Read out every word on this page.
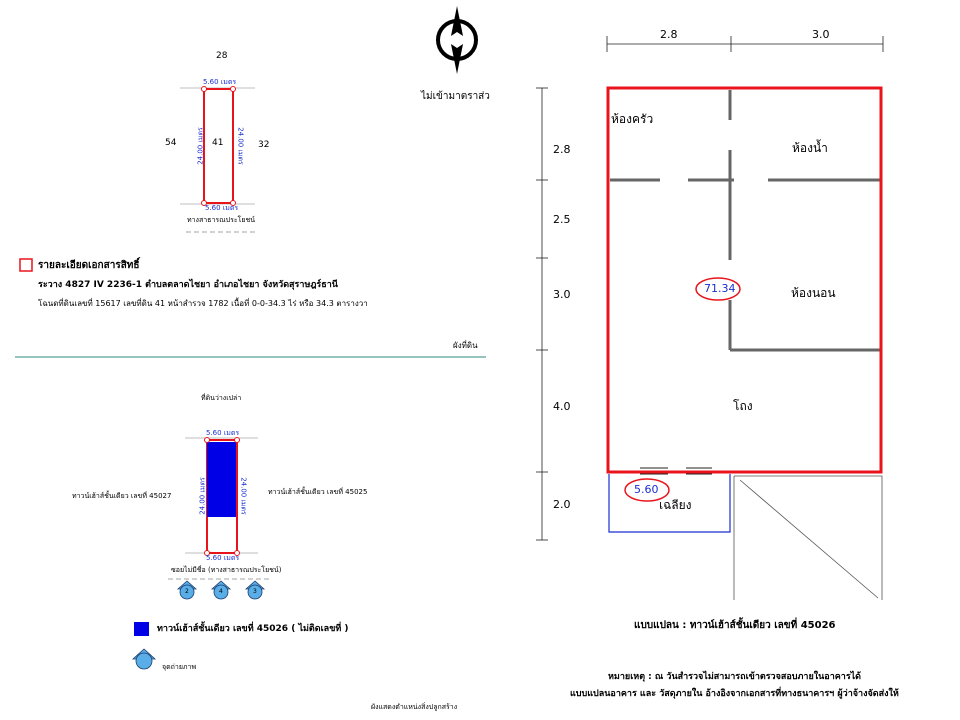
N
ไม่เข้ามาตราส่ว
28
54	32
41
5.60 เมตร
5.60 เมตร
24.00 เมตร	24.00 เมตร
ทางสาธารณประโยชน์
รายละเอียดเอกสารสิทธิ์
ระวาง 4827 IV 2236-1 ตำบลตลาดไชยา อำเภอไชยา จังหวัดสุราษฎร์ธานี
โฉนดที่ดินเลขที่ 15617 เลขที่ดิน 41 หน้าสำรวจ 1782 เนื้อที่ 0-0-34.3 ไร่ หรือ 34.3 ตารางวา
ผังที่ดิน
ที่ดินว่างเปล่า
5.60 เมตร
5.60 เมตร
24.00 เมตร	24.00 เมตร
ทาวน์เฮ้าส์ชั้นเดียว เลขที่ 45027	ทาวน์เฮ้าส์ชั้นเดียว เลขที่ 45025
ซอยไม่มีชื่อ (ทางสาธารณประโยชน์)
2	4	3
ทาวน์เฮ้าส์ชั้นเดียว เลขที่ 45026 ( ไม่ติดเลขที่ )
จุดถ่ายภาพ
ผังแสดงตำแหน่งสิ่งปลูกสร้าง
2.8	3.0
2.8
2.5
3.0
4.0
2.0
ห้องครัว
ห้องน้ำ
ห้องนอน
โถง
เฉลียง
71.34
5.60
แบบแปลน : ทาวน์เฮ้าส์ชั้นเดียว เลขที่ 45026
หมายเหตุ : ณ วันสำรวจไม่สามารถเข้าตรวจสอบภายในอาคารได้
แบบแปลนอาคาร และ วัสดุภายใน อ้างอิงจากเอกสารที่ทางธนาคารฯ ผู้ว่าจ้างจัดส่งให้
